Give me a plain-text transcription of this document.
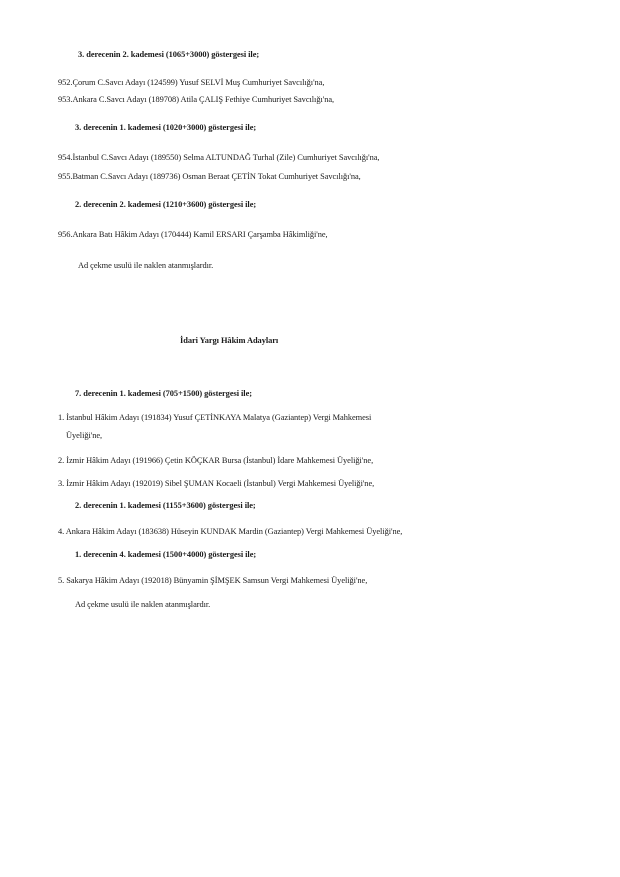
3. derecenin 2. kademesi (1065+3000) göstergesi ile;
952.Çorum C.Savcı Adayı (124599) Yusuf SELVİ Muş Cumhuriyet Savcılığı'na,
953.Ankara C.Savcı Adayı (189708) Atila ÇALIŞ Fethiye Cumhuriyet Savcılığı'na,
3. derecenin 1. kademesi (1020+3000) göstergesi ile;
954.İstanbul C.Savcı Adayı (189550) Selma ALTUNDAĞ Turhal (Zile) Cumhuriyet Savcılığı'na,
955.Batman C.Savcı Adayı (189736) Osman Beraat ÇETİN Tokat Cumhuriyet Savcılığı'na,
2. derecenin 2. kademesi (1210+3600) göstergesi ile;
956.Ankara Batı Hâkim Adayı (170444) Kamil ERSARI Çarşamba Hâkimliği'ne,
Ad çekme usulü ile naklen atanmışlardır.
İdari Yargı Hâkim Adayları
7. derecenin 1. kademesi (705+1500) göstergesi ile;
1. İstanbul Hâkim Adayı (191834) Yusuf ÇETİNKAYA Malatya (Gaziantep) Vergi Mahkemesi
Üyeliği'ne,
2. İzmir Hâkim Adayı (191966) Çetin KÖÇKAR Bursa (İstanbul) İdare Mahkemesi Üyeliği'ne,
3. İzmir Hâkim Adayı (192019) Sibel ŞUMAN Kocaeli (İstanbul) Vergi Mahkemesi Üyeliği'ne,
2. derecenin 1. kademesi (1155+3600) göstergesi ile;
4. Ankara Hâkim Adayı (183638) Hüseyin KUNDAK Mardin (Gaziantep) Vergi Mahkemesi Üyeliği'ne,
1. derecenin 4. kademesi (1500+4000) göstergesi ile;
5. Sakarya Hâkim Adayı (192018) Bünyamin ŞİMŞEK Samsun Vergi Mahkemesi Üyeliği'ne,
Ad çekme usulü ile naklen atanmışlardır.
